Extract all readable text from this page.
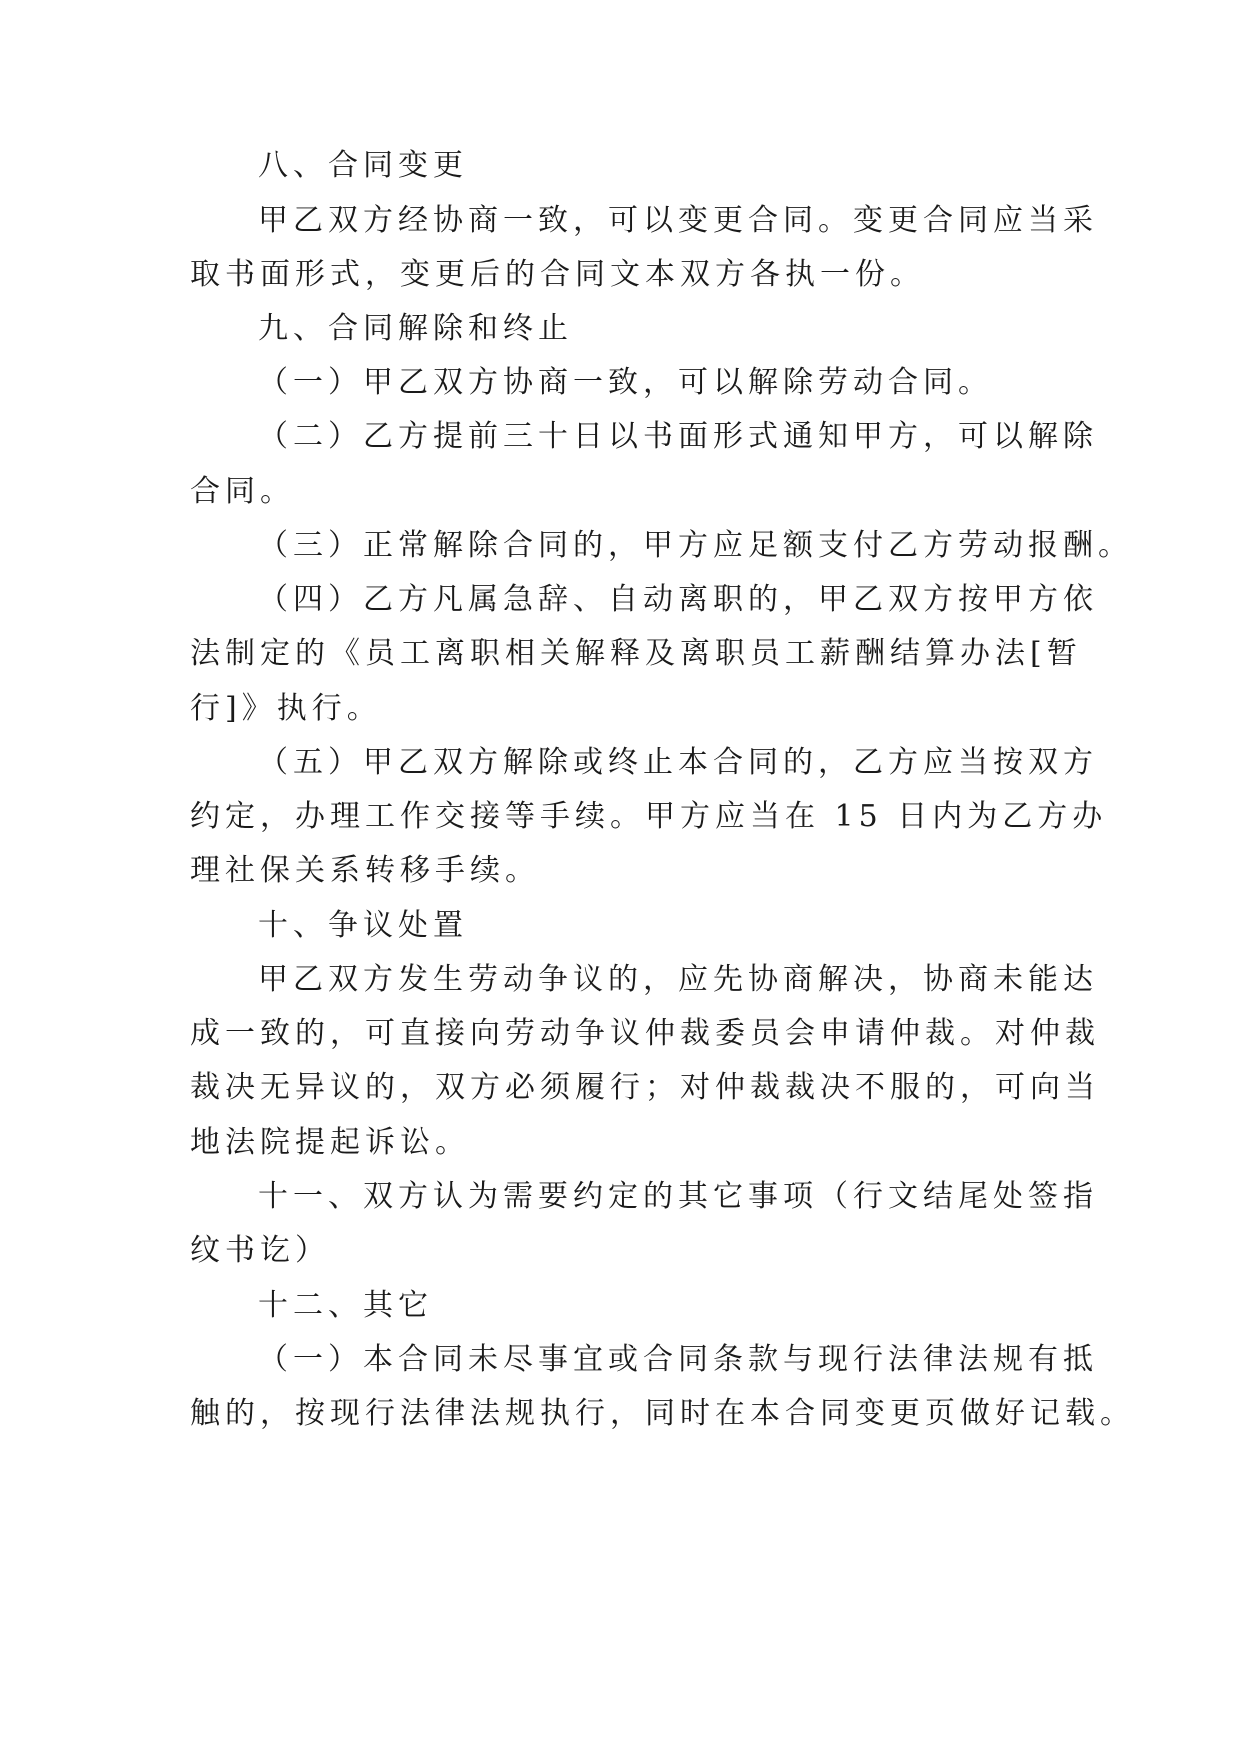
八、合同变更
甲乙双方经协商一致，可以变更合同。变更合同应当采
取书面形式，变更后的合同文本双方各执一份。
九、合同解除和终止
（一）甲乙双方协商一致，可以解除劳动合同。
（二）乙方提前三十日以书面形式通知甲方，可以解除
合同。
（三）正常解除合同的，甲方应足额支付乙方劳动报酬。
（四）乙方凡属急辞、自动离职的，甲乙双方按甲方依
法制定的《员工离职相关解释及离职员工薪酬结算办法[暂
行]》执行。
（五）甲乙双方解除或终止本合同的，乙方应当按双方
约定，办理工作交接等手续。甲方应当在 15 日内为乙方办
理社保关系转移手续。
十、争议处置
甲乙双方发生劳动争议的，应先协商解决，协商未能达
成一致的，可直接向劳动争议仲裁委员会申请仲裁。对仲裁
裁决无异议的，双方必须履行；对仲裁裁决不服的，可向当
地法院提起诉讼。
十一、双方认为需要约定的其它事项（行文结尾处签指
纹书讫）
十二、其它
（一）本合同未尽事宜或合同条款与现行法律法规有抵
触的，按现行法律法规执行，同时在本合同变更页做好记载。
